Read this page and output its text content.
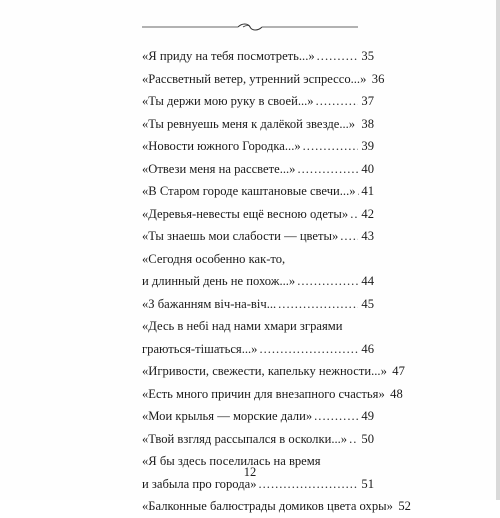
«Я приду на тебя посмотреть...» .....	35
«Рассветный ветер, утренний эспрессо...» 36
«Ты держи мою руку в своей...» .....	37
«Ты ревнуешь меня к далёкой звезде...» ..... 38
«Новости южного Городка...» .....	39
«Отвези меня на рассвете...» .....	40
«В Старом городе каштановые свечи...» ..... 41
«Деревья-невесты ещё весною одеты» ..... 42
«Ты знаешь мои слабости — цветы» ..... 43
«Сегодня особенно как-то,
и длинный день не похож...» .....	44
«З бажанням віч-на-віч... .....	45
«Десь в небі над нами хмари зграями
граються-тішаться...» .....	46
«Игривости, свежести, капельку нежности...» 47
«Есть много причин для внезапного счастья» 48
«Мои крылья — морские дали» .....	49
«Твой взгляд рассыпался в осколки...» ..... 50
«Я бы здесь поселилась на время
и забыла про города» .....	51
«Балконные балюстрады домиков цвета охры» 52
12
